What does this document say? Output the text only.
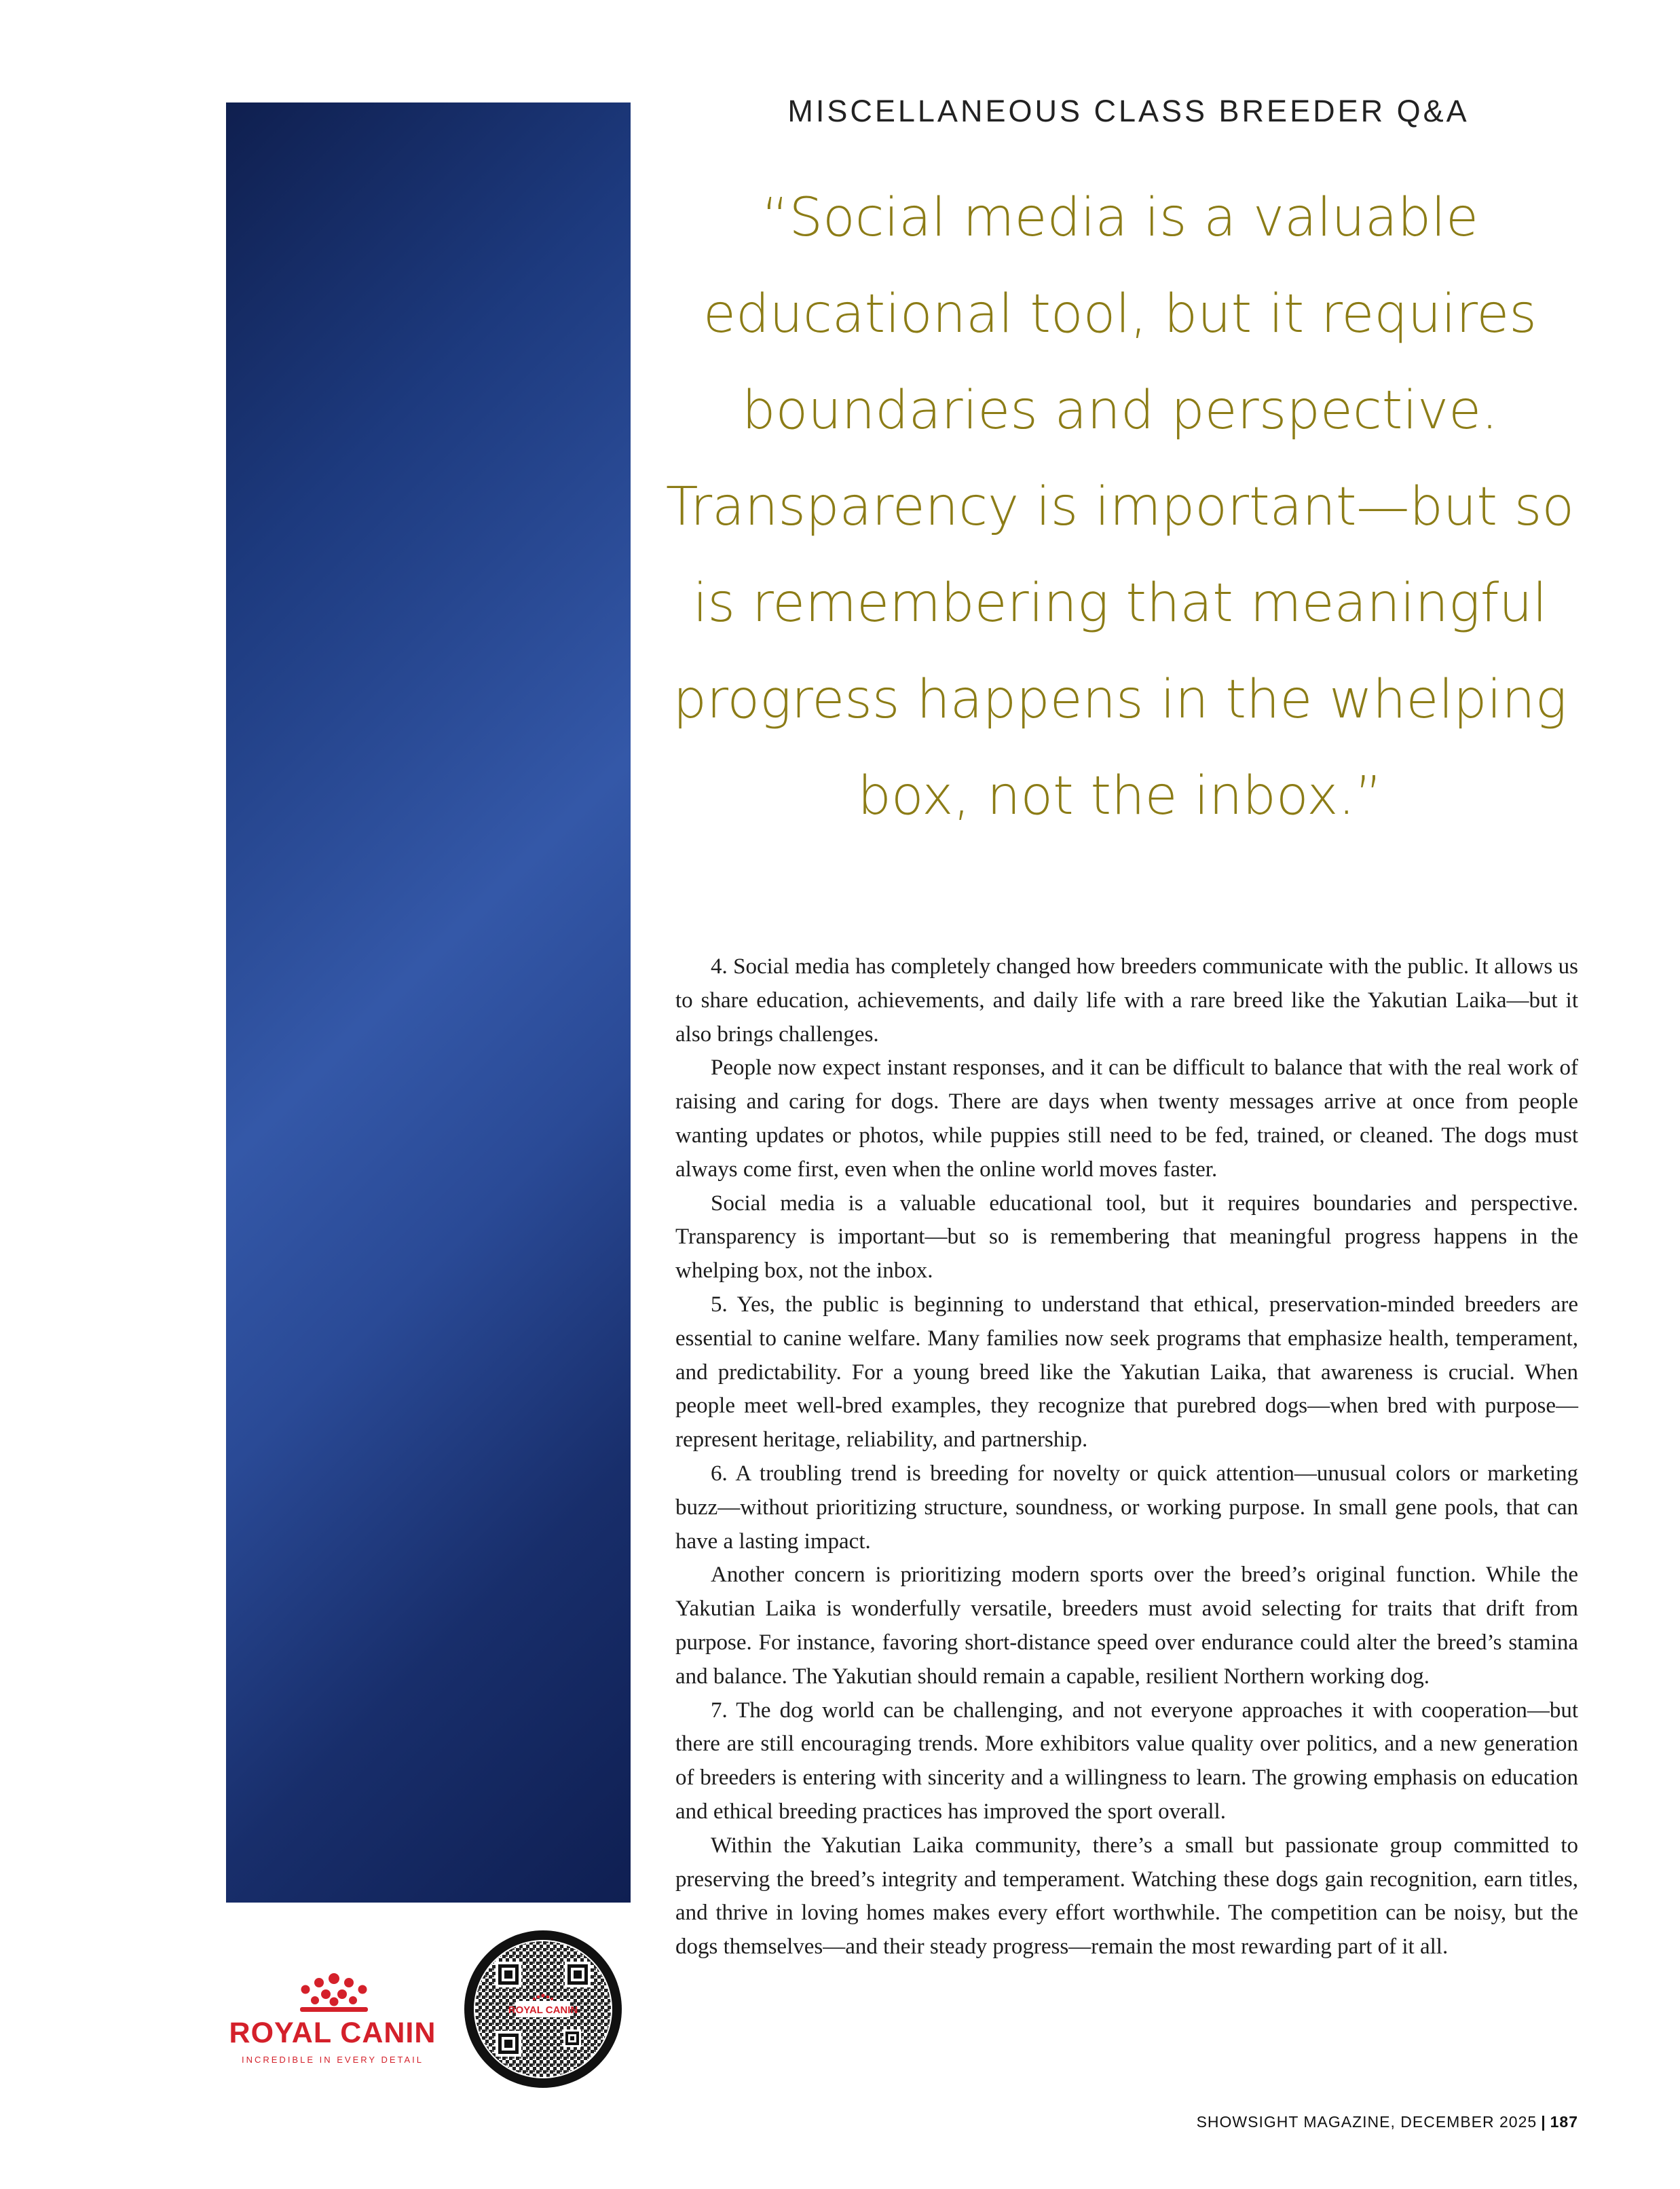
MISCELLANEOUS CLASS BREEDER Q&A
“Social media is a valuable
educational tool, but it requires
boundaries and perspective.
Transparency is important—but so
is remembering that meaningful
progress happens in the whelping
box, not the inbox.”

4. Social media has completely changed how breeders communicate with the public. It allows us to share education, achievements, and daily life with a rare breed like the Yakutian Laika—but it also brings challenges.

People now expect instant responses, and it can be difficult to balance that with the real work of raising and caring for dogs. There are days when twenty messages arrive at once from people wanting updates or photos, while puppies still need to be fed, trained, or cleaned. The dogs must always come first, even when the online world moves faster.

Social media is a valuable educational tool, but it requires boundaries and perspective. Transparency is important—but so is remembering that meaningful progress happens in the whelping box, not the inbox.

5. Yes, the public is beginning to understand that ethical, preservation-minded breeders are essential to canine welfare. Many families now seek programs that emphasize health, temperament, and predictability. For a young breed like the Yakutian Laika, that awareness is crucial. When people meet well-bred examples, they recognize that purebred dogs—when bred with purpose—represent heritage, reliability, and partnership.

6. A troubling trend is breeding for novelty or quick attention—unusual colors or marketing buzz—without prioritizing structure, soundness, or working purpose. In small gene pools, that can have a lasting impact.

Another concern is prioritizing modern sports over the breed’s original function. While the Yakutian Laika is wonderfully versatile, breeders must avoid selecting for traits that drift from purpose. For instance, favoring short-distance speed over endurance could alter the breed’s stamina and balance. The Yakutian should remain a capable, resilient Northern working dog.

7. The dog world can be challenging, and not everyone approaches it with cooperation—but there are still encouraging trends. More exhibitors value quality over politics, and a new generation of breeders is entering with sincerity and a willingness to learn. The growing emphasis on education and ethical breeding practices has improved the sport overall.

Within the Yakutian Laika community, there’s a small but passionate group committed to preserving the breed’s integrity and temperament. Watching these dogs gain recognition, earn titles, and thrive in loving homes makes every effort worthwhile. The competition can be noisy, but the dogs themselves—and their steady progress—remain the most rewarding part of it all.

ROYAL CANIN
INCREDIBLE IN EVERY DETAIL
ROYAL CANIN
SHOWSIGHT MAGAZINE, DECEMBER 2025 | 187
